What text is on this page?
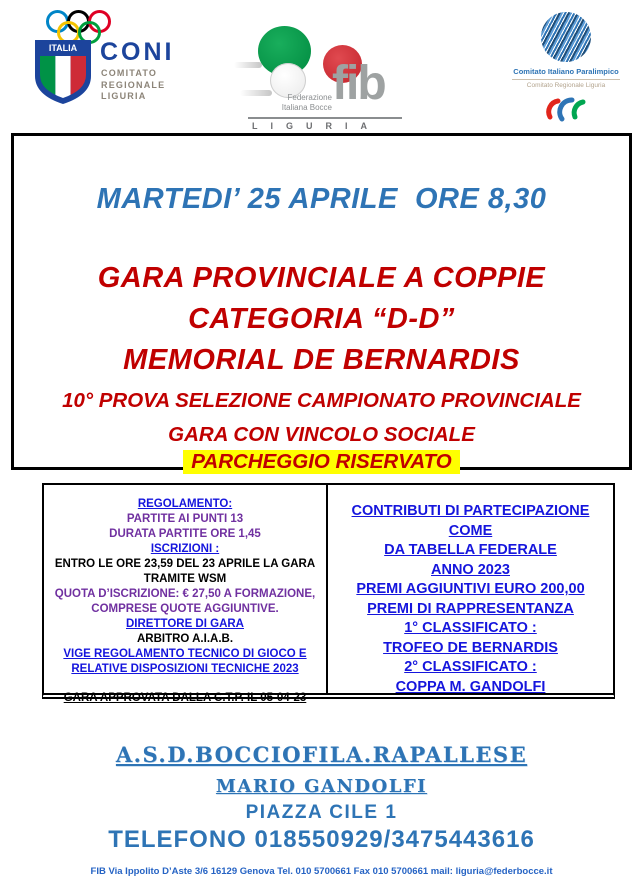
ITALIA CONI
COMITATO
REGIONALE
LIGURIA	Federazione
Italiana Bocce fib
LIGURIA
Comitato Italiano Paralimpico
Comitato Regionale Liguria
MARTEDI’ 25 APRILE  ORE 8,30
GARA PROVINCIALE A COPPIE
CATEGORIA “D-D”
MEMORIAL DE BERNARDIS
10° PROVA SELEZIONE CAMPIONATO PROVINCIALE
GARA CON VINCOLO SOCIALE
PARCHEGGIO RISERVATO
REGOLAMENTO:
PARTITE AI PUNTI 13
DURATA PARTITE ORE 1,45
ISCRIZIONI :
ENTRO LE ORE 23,59 DEL 23 APRILE LA GARA
TRAMITE WSM
QUOTA D’ISCRIZIONE: € 27,50 A FORMAZIONE,
COMPRESE QUOTE AGGIUNTIVE.
DIRETTORE DI GARA
ARBITRO A.I.A.B.
VIGE REGOLAMENTO TECNICO DI GIOCO E
RELATIVE DISPOSIZIONI TECNICHE 2023
GARA APPROVATA DALLA C.T.P. IL 05-04-23
CONTRIBUTI DI PARTECIPAZIONE
COME
DA TABELLA FEDERALE
ANNO 2023
PREMI AGGIUNTIVI EURO 200,00
PREMI DI RAPPRESENTANZA
1° CLASSIFICATO :
TROFEO DE BERNARDIS
2° CLASSIFICATO :
COPPA M. GANDOLFI
A.S.D.BOCCIOFILA.RAPALLESE
MARIO GANDOLFI
PIAZZA CILE 1
TELEFONO 018550929/3475443616
FIB Via Ippolito D’Aste 3/6 16129 Genova Tel. 010 5700661 Fax 010 5700661 mail: liguria@federbocce.it
